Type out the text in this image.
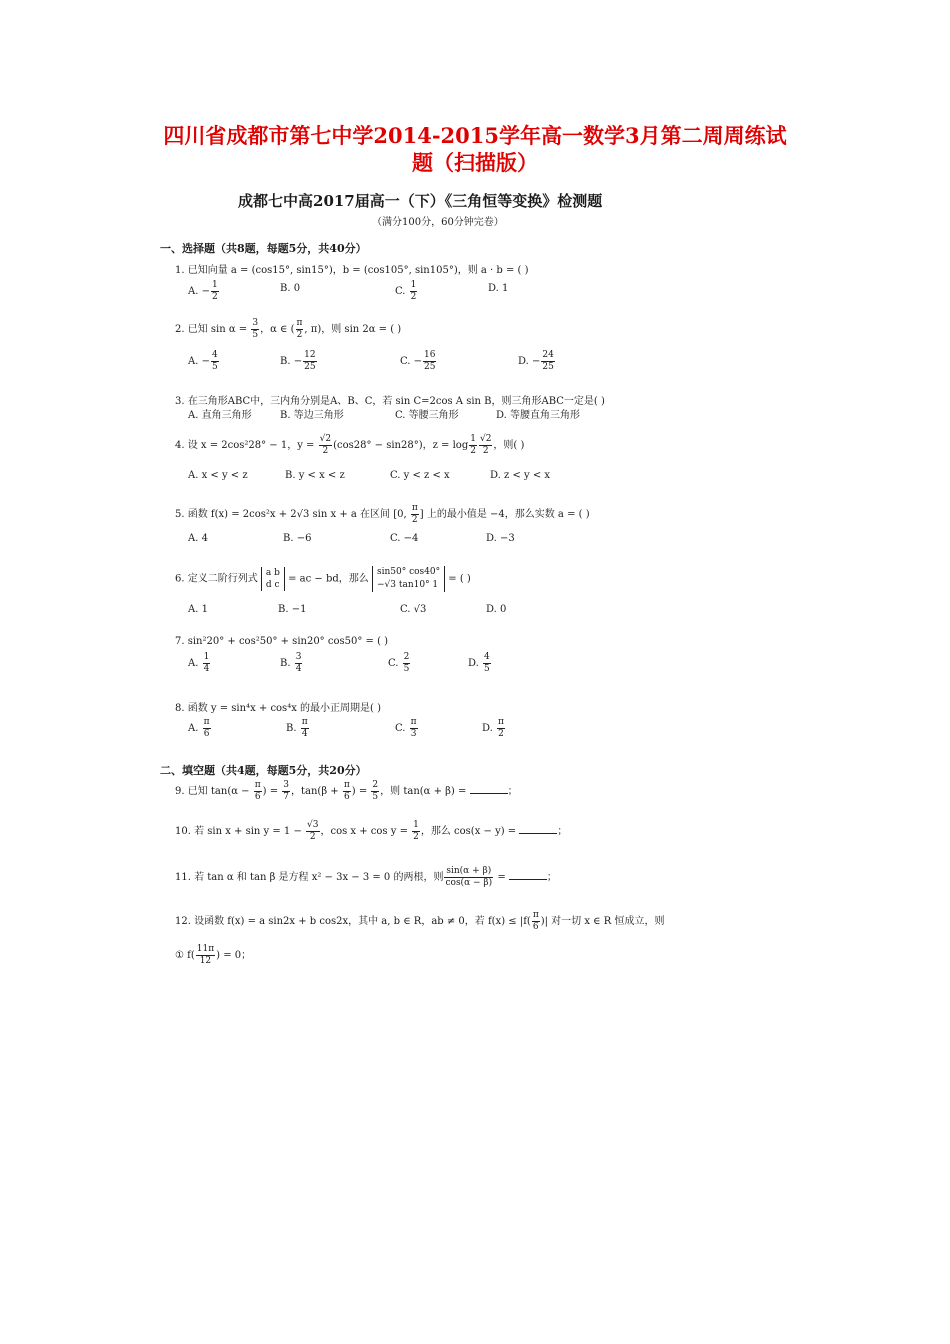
四川省成都市第七中学2014-2015学年高一数学3月第二周周练试
题（扫描版）
成都七中高2017届高一（下）《三角恒等变换》检测题
（满分100分，60分钟完卷）
一、选择题（共8题，每题5分，共40分）
1. 已知向量 a = (cos15°, sin15°)，b = (cos105°, sin105°)，则 a · b = ( )
A. − $\frac{1}{2}$	B. 0	C. $\frac{1}{2}$	D. 1
2. 已知 $\sin \alpha = \frac{3}{5}$ ，α ∈ ( $\frac{\pi}{2}$ , π)，则 sin 2α = ( )
A. − $\frac{4}{5}$	B. − $\frac{12}{25}$	C. − $\frac{16}{25}$	D. − $\frac{24}{25}$
3. 在三角形ABC中，三内角分别是A、B、C，若 sin C=2cos A sin B，则三角形ABC一定是( )
A. 直角三角形	B. 等边三角形	C. 等腰三角形	D. 等腰直角三角形
4. 设 x = 2cos²28° − 1，$y = \frac{√2}{2} (\cos 28^\circ - \sin 28^\circ)$，$z = \log \frac{1}{2} \frac{√2}{2}$ ，则( )
A. x < y < z	B. y < x < z	C. y < z < x	D. z < y < x
5. 函数 f(x) = 2cos²x + 2√3 sin x + a 在区间 [0, $\frac{\pi}{2}$ ] 上的最小值是 −4，那么实数 a = ( )
A. 4	B. −6	C. −4	D. −3
6. 定义二阶行列式
a b
d c
= ac − bd，那么
sin50° cos40°
−√3 tan10° 1
= ( )
A. 1	B. −1	C. √3	D. 0
7. sin²20° + cos²50° + sin20° cos50° = ( )
A. $\frac{1}{4}$	B. $\frac{3}{4}$	C. $\frac{2}{5}$	D. $\frac{4}{5}$
8. 函数 y = sin⁴x + cos⁴x 的最小正周期是( )
A. $\frac{\pi}{6}$	B. $\frac{\pi}{4}$	C. $\frac{\pi}{3}$	D. $\frac{\pi}{2}$
二、填空题（共4题，每题5分，共20分）
9. 已知 $\tan(\alpha - \frac{\pi}{6}$ ) = $\frac{3}{7}$ ，$\tan(\beta + \frac{\pi}{6}$ ) = $\frac{2}{5}$ ，则 tan(α + β) =	；
10. 若 $\sin x + \sin y = 1 - \frac{√3}{2}$ ，$\cos x + \cos y = \frac{1}{2}$ ，那么 cos(x − y) =	；
11. 若 tan α 和 tan β 是方程 x² − 3x − 3 = 0 的两根，则 $\frac{\sin(\alpha + \beta)}{\cos(\alpha - \beta)}$ =	；
12. 设函数 f(x) = a sin2x + b cos2x，其中 a, b ∈ R，ab ≠ 0，若 $f(x) \le |f( \frac{\pi}{6}$ )| 对一切 x ∈ R 恒成立，则
① $f( \frac{11\pi}{12}$ ) = 0；
